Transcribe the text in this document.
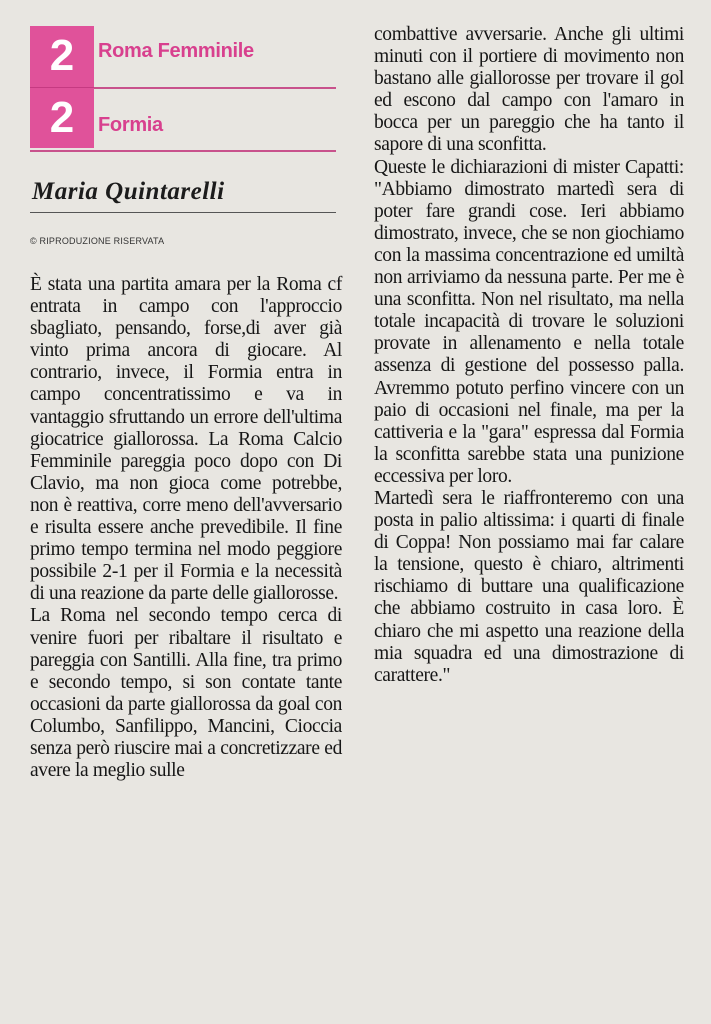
2	Roma Femminile
2	Formia
Maria Quintarelli
© RIPRODUZIONE RISERVATA

È stata una partita amara per la Roma cf entrata in campo con l'approccio sbagliato, pensando, forse,di aver già vinto prima ancora di giocare. Al contrario, invece, il Formia entra in campo concentratissimo e va in vantaggio sfruttando un errore dell'ultima giocatrice giallorossa. La Roma Calcio Femminile pareggia poco dopo con Di Clavio, ma non gioca come potrebbe, non è reattiva, corre meno dell'avversario e risulta essere anche prevedibile. Il fine primo tempo termina nel modo peggiore possibile 2-1 per il Formia e la necessità di una reazione da parte delle giallorosse.

La Roma nel secondo tempo cerca di venire fuori per ribaltare il risultato e pareggia con Santilli. Alla fine, tra primo e secondo tempo, si son contate tante occasioni da parte giallorossa da goal con Columbo, Sanfilippo, Mancini, Cioccia senza però riuscire mai a concretizzare ed avere la meglio sulle

combattive avversarie. Anche gli ultimi minuti con il portiere di movimento non bastano alle giallorosse per trovare il gol ed escono dal campo con l'amaro in bocca per un pareggio che ha tanto il sapore di una sconfitta.

Queste le dichiarazioni di mister Capatti: "Abbiamo dimostrato martedì sera di poter fare grandi cose. Ieri abbiamo dimostrato, invece, che se non giochiamo con la massima concentrazione ed umiltà non arriviamo da nessuna parte. Per me è una sconfitta. Non nel risultato, ma nella totale incapacità di trovare le soluzioni provate in allenamento e nella totale assenza di gestione del possesso palla. Avremmo potuto perfino vincere con un paio di occasioni nel finale, ma per la cattiveria e la "gara" espressa dal Formia la sconfitta sarebbe stata una punizione eccessiva per loro.

Martedì sera le riaffronteremo con una posta in palio altissima: i quarti di finale di Coppa! Non possiamo mai far calare la tensione, questo è chiaro, altrimenti rischiamo di buttare una qualificazione che abbiamo costruito in casa loro. È chiaro che mi aspetto una reazione della mia squadra ed una dimostrazione di carattere."
